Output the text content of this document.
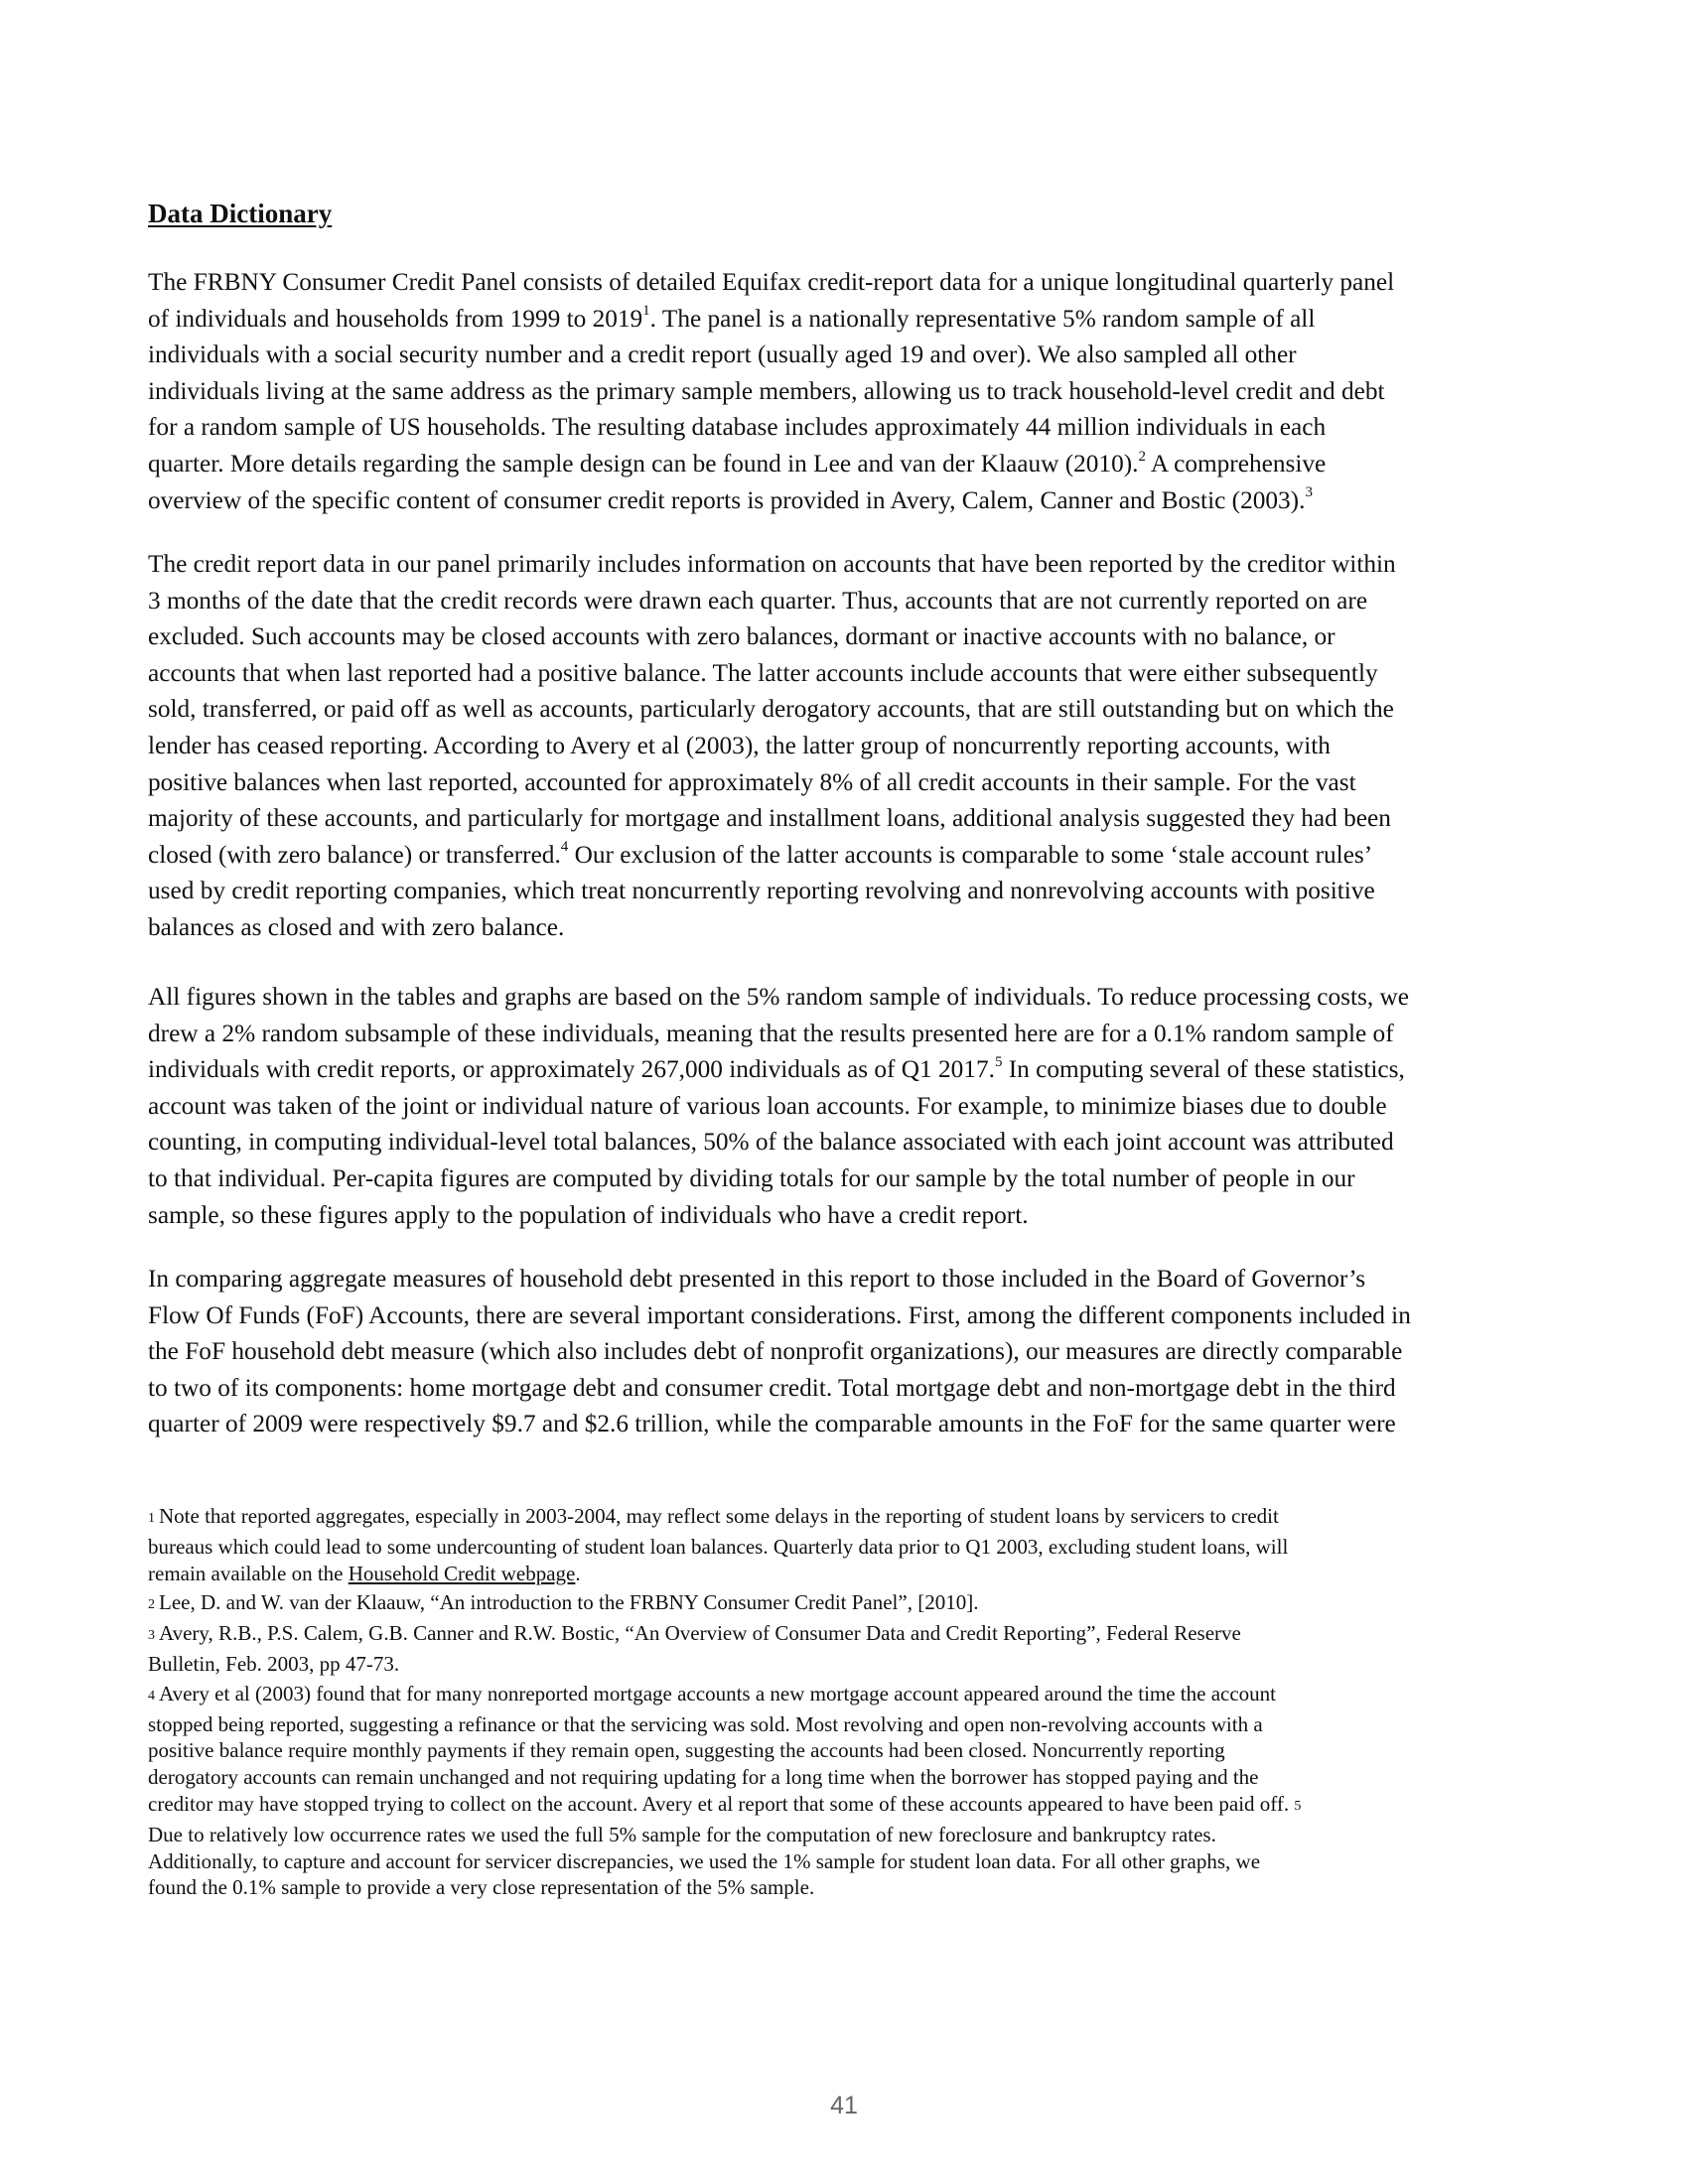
Data Dictionary

The FRBNY Consumer Credit Panel consists of detailed Equifax credit-report data for a unique longitudinal quarterly panel
of individuals and households from 1999 to 2019$^1$. The panel is a nationally representative 5% random sample of all
individuals with a social security number and a credit report (usually aged 19 and over). We also sampled all other
individuals living at the same address as the primary sample members, allowing us to track household-level credit and debt
for a random sample of US households. The resulting database includes approximately 44 million individuals in each
quarter. More details regarding the sample design can be found in Lee and van der Klaauw (2010).$^2$ A comprehensive
overview of the specific content of consumer credit reports is provided in Avery, Calem, Canner and Bostic (2003).$^3$

The credit report data in our panel primarily includes information on accounts that have been reported by the creditor within
3 months of the date that the credit records were drawn each quarter. Thus, accounts that are not currently reported on are
excluded. Such accounts may be closed accounts with zero balances, dormant or inactive accounts with no balance, or
accounts that when last reported had a positive balance. The latter accounts include accounts that were either subsequently
sold, transferred, or paid off as well as accounts, particularly derogatory accounts, that are still outstanding but on which the
lender has ceased reporting. According to Avery et al (2003), the latter group of noncurrently reporting accounts, with
positive balances when last reported, accounted for approximately 8% of all credit accounts in their sample. For the vast
majority of these accounts, and particularly for mortgage and installment loans, additional analysis suggested they had been
closed (with zero balance) or transferred.$^4$ Our exclusion of the latter accounts is comparable to some ‘stale account rules’
used by credit reporting companies, which treat noncurrently reporting revolving and nonrevolving accounts with positive
balances as closed and with zero balance.

All figures shown in the tables and graphs are based on the 5% random sample of individuals. To reduce processing costs, we
drew a 2% random subsample of these individuals, meaning that the results presented here are for a 0.1% random sample of
individuals with credit reports, or approximately 267,000 individuals as of Q1 2017.$^5$ In computing several of these statistics,
account was taken of the joint or individual nature of various loan accounts. For example, to minimize biases due to double
counting, in computing individual-level total balances, 50% of the balance associated with each joint account was attributed
to that individual. Per-capita figures are computed by dividing totals for our sample by the total number of people in our
sample, so these figures apply to the population of individuals who have a credit report.

In comparing aggregate measures of household debt presented in this report to those included in the Board of Governor’s
Flow Of Funds (FoF) Accounts, there are several important considerations. First, among the different components included in
the FoF household debt measure (which also includes debt of nonprofit organizations), our measures are directly comparable
to two of its components: home mortgage debt and consumer credit. Total mortgage debt and non-mortgage debt in the third
quarter of 2009 were respectively $9.7 and $2.6 trillion, while the comparable amounts in the FoF for the same quarter were

1 Note that reported aggregates, especially in 2003-2004, may reflect some delays in the reporting of student loans by servicers to credit
bureaus which could lead to some undercounting of student loan balances. Quarterly data prior to Q1 2003, excluding student loans, will
remain available on the Household Credit webpage.
2 Lee, D. and W. van der Klaauw, “An introduction to the FRBNY Consumer Credit Panel”, [2010].
3 Avery, R.B., P.S. Calem, G.B. Canner and R.W. Bostic, “An Overview of Consumer Data and Credit Reporting”, Federal Reserve
Bulletin, Feb. 2003, pp 47-73.
4 Avery et al (2003) found that for many nonreported mortgage accounts a new mortgage account appeared around the time the account
stopped being reported, suggesting a refinance or that the servicing was sold. Most revolving and open non-revolving accounts with a
positive balance require monthly payments if they remain open, suggesting the accounts had been closed. Noncurrently reporting
derogatory accounts can remain unchanged and not requiring updating for a long time when the borrower has stopped paying and the
creditor may have stopped trying to collect on the account. Avery et al report that some of these accounts appeared to have been paid off. 5
Due to relatively low occurrence rates we used the full 5% sample for the computation of new foreclosure and bankruptcy rates.
Additionally, to capture and account for servicer discrepancies, we used the 1% sample for student loan data. For all other graphs, we
found the 0.1% sample to provide a very close representation of the 5% sample.
41
